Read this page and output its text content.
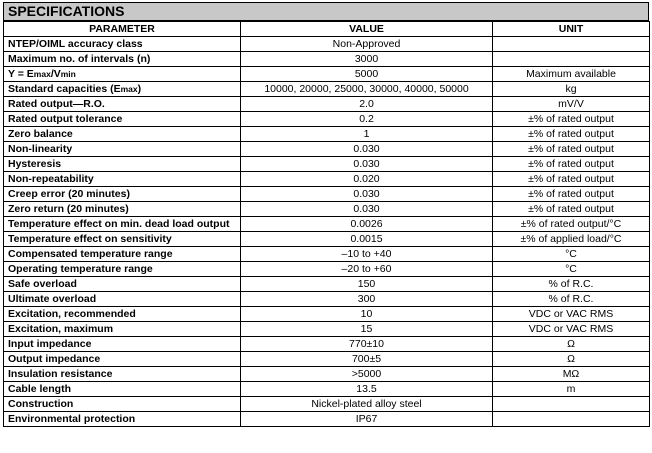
SPECIFICATIONS
PARAMETER	VALUE	UNIT
NTEP/OIML accuracy class	Non-Approved	
Maximum no. of intervals (n)	3000	
Y = Emax/Vmin	5000	Maximum available
Standard capacities (Emax)	10000, 20000, 25000, 30000, 40000, 50000	kg
Rated output—R.O.	2.0	mV/V
Rated output tolerance	0.2	±% of rated output
Zero balance	1	±% of rated output
Non-linearity	0.030	±% of rated output
Hysteresis	0.030	±% of rated output
Non-repeatability	0.020	±% of rated output
Creep error (20 minutes)	0.030	±% of rated output
Zero return (20 minutes)	0.030	±% of rated output
Temperature effect on min. dead load output	0.0026	±% of rated output/°C
Temperature effect on sensitivity	0.0015	±% of applied load/°C
Compensated temperature range	–10 to +40	°C
Operating temperature range	–20 to +60	°C
Safe overload	150	% of R.C.
Ultimate overload	300	% of R.C.
Excitation, recommended	10	VDC or VAC RMS
Excitation, maximum	15	VDC or VAC RMS
Input impedance	770±10	Ω
Output impedance	700±5	Ω
Insulation resistance	>5000	MΩ
Cable length	13.5	m
Construction	Nickel-plated alloy steel	
Environmental protection	IP67	
